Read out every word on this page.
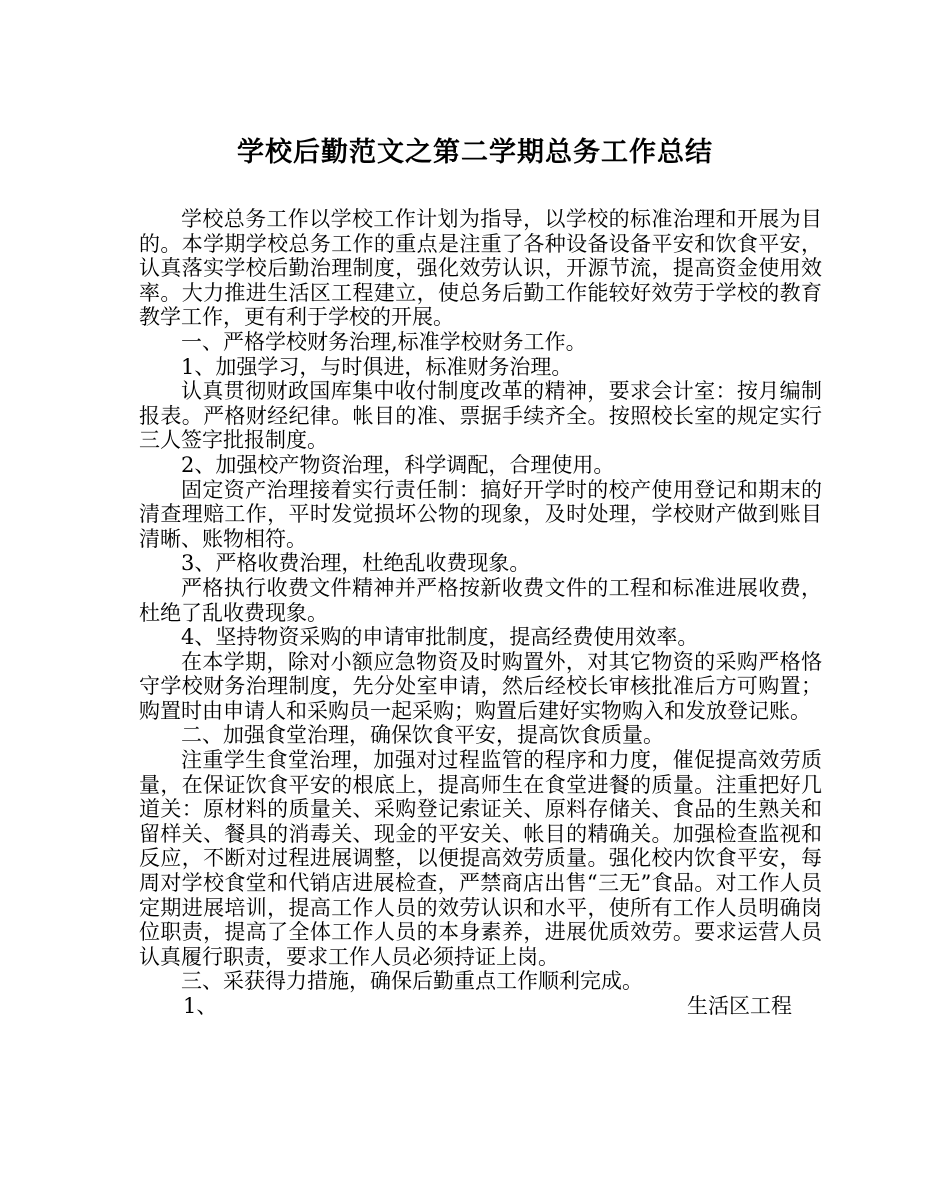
学校后勤范文之第二学期总务工作总结

学校总务工作以学校工作计划为指导，以学校的标准治理和开展为目的。本学期学校总务工作的重点是注重了各种设备设备平安和饮食平安，认真落实学校后勤治理制度，强化效劳认识，开源节流，提高资金使用效率。大力推进生活区工程建立，使总务后勤工作能较好效劳于学校的教育教学工作，更有利于学校的开展。

一、严格学校财务治理,标准学校财务工作。

1、加强学习，与时俱进，标准财务治理。

认真贯彻财政国库集中收付制度改革的精神，要求会计室：按月编制报表。严格财经纪律。帐目的准、票据手续齐全。按照校长室的规定实行三人签字批报制度。

2、加强校产物资治理，科学调配，合理使用。

固定资产治理接着实行责任制：搞好开学时的校产使用登记和期末的清查理赔工作，平时发觉损坏公物的现象，及时处理，学校财产做到账目清晰、账物相符。

3、严格收费治理，杜绝乱收费现象。

严格执行收费文件精神并严格按新收费文件的工程和标准进展收费，杜绝了乱收费现象。

4、坚持物资采购的申请审批制度，提高经费使用效率。

在本学期，除对小额应急物资及时购置外，对其它物资的采购严格恪守学校财务治理制度，先分处室申请，然后经校长审核批准后方可购置；购置时由申请人和采购员一起采购；购置后建好实物购入和发放登记账。

二、加强食堂治理，确保饮食平安，提高饮食质量。

注重学生食堂治理，加强对过程监管的程序和力度，催促提高效劳质量，在保证饮食平安的根底上，提高师生在食堂进餐的质量。注重把好几道关：原材料的质量关、采购登记索证关、原料存储关、食品的生熟关和留样关、餐具的消毒关、现金的平安关、帐目的精确关。加强检查监视和反应，不断对过程进展调整，以便提高效劳质量。强化校内饮食平安，每周对学校食堂和代销店进展检查，严禁商店出售“三无”食品。对工作人员定期进展培训，提高工作人员的效劳认识和水平，使所有工作人员明确岗位职责，提高了全体工作人员的本身素养，进展优质效劳。要求运营人员认真履行职责，要求工作人员必须持证上岗。

三、采获得力措施，确保后勤重点工作顺利完成。

1、	生活区工程
